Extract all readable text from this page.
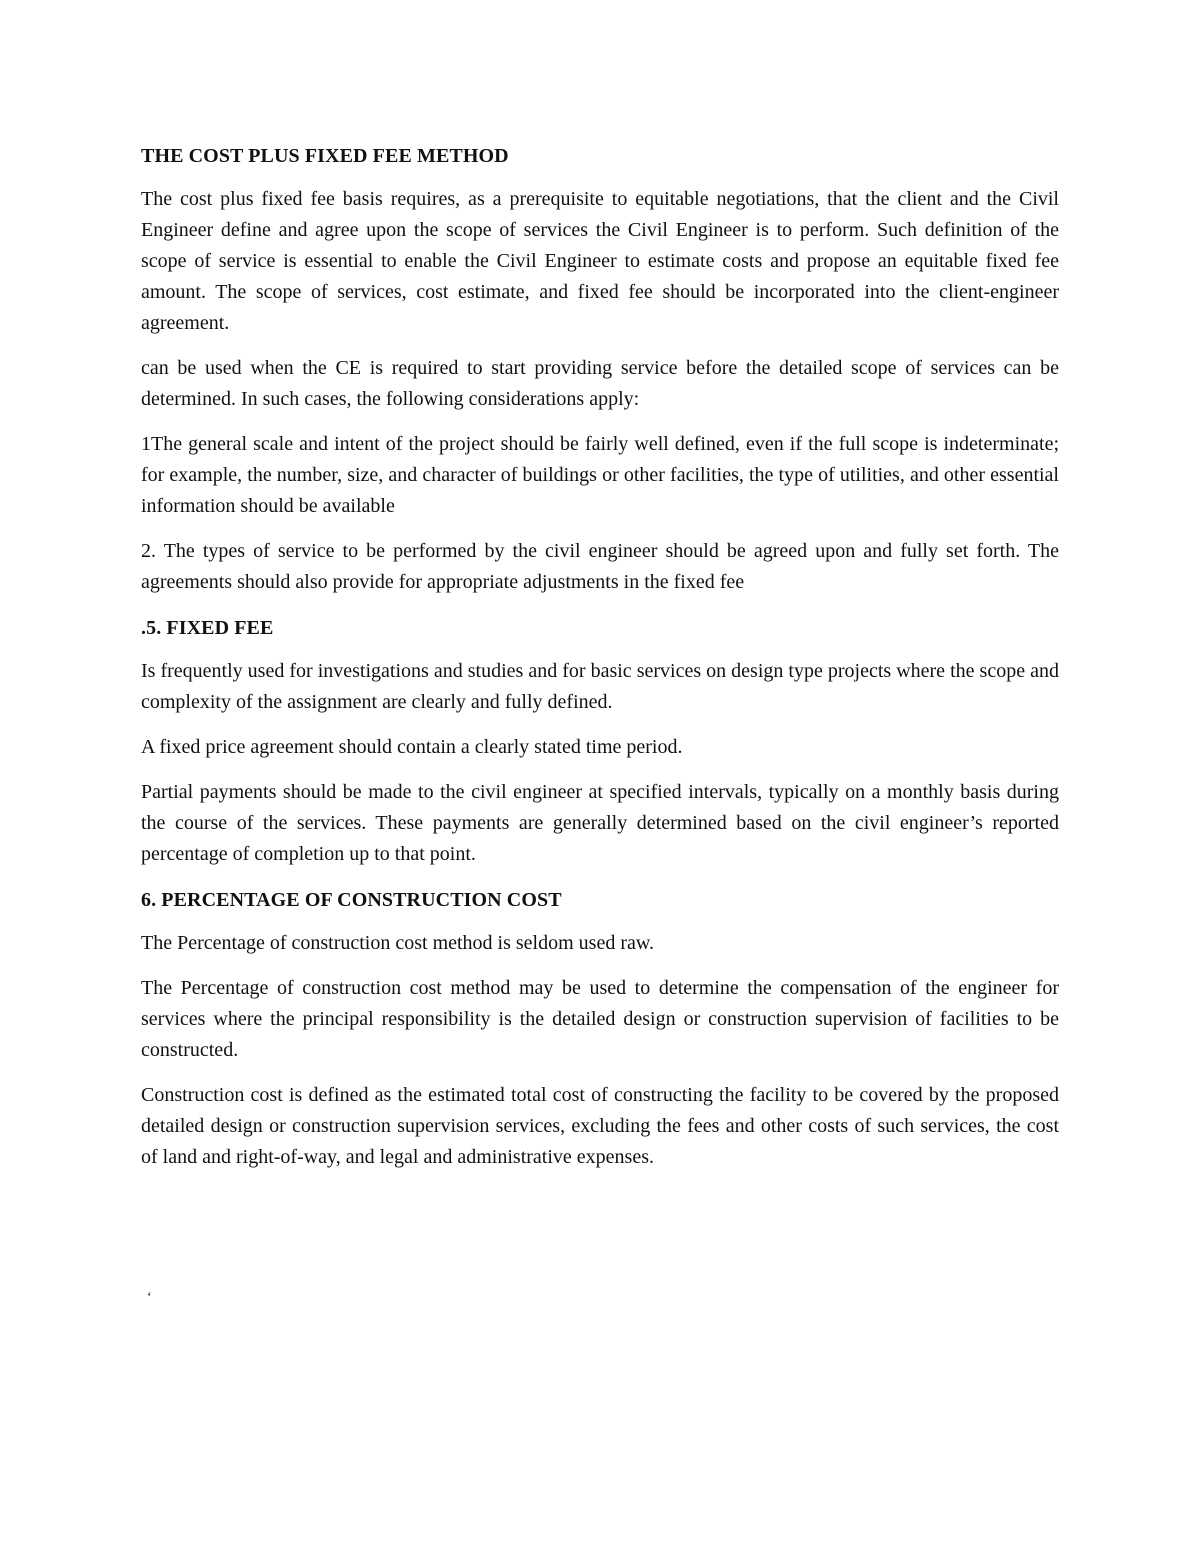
THE COST PLUS FIXED FEE METHOD

The cost plus fixed fee basis requires, as a prerequisite to equitable negotiations, that the client and the Civil Engineer define and agree upon the scope of services the Civil Engineer is to perform. Such definition of the scope of service is essential to enable the Civil Engineer to estimate costs and propose an equitable fixed fee amount. The scope of services, cost estimate, and fixed fee should be incorporated into the client-engineer agreement.

can be used when the CE is required to start providing service before the detailed scope of services can be determined. In such cases, the following considerations apply:

1The general scale and intent of the project should be fairly well defined, even if the full scope is indeterminate; for example, the number, size, and character of buildings or other facilities, the type of utilities, and other essential information should be available

2. The types of service to be performed by the civil engineer should be agreed upon and fully set forth. The agreements should also provide for appropriate adjustments in the fixed fee

.5. FIXED FEE

Is frequently used for investigations and studies and for basic services on design type projects where the scope and complexity of the assignment are clearly and fully defined.

A fixed price agreement should contain a clearly stated time period.

Partial payments should be made to the civil engineer at specified intervals, typically on a monthly basis during the course of the services. These payments are generally determined based on the civil engineer’s reported percentage of completion up to that point.

6. PERCENTAGE OF CONSTRUCTION COST

The Percentage of construction cost method is seldom used raw.

The Percentage of construction cost method may be used to determine the compensation of the engineer for services where the principal responsibility is the detailed design or construction supervision of facilities to be constructed.

Construction cost is defined as the estimated total cost of constructing the facility to be covered by the proposed detailed design or construction supervision services, excluding the fees and other costs of such services, the cost of land and right-of-way, and legal and administrative expenses.

‘
